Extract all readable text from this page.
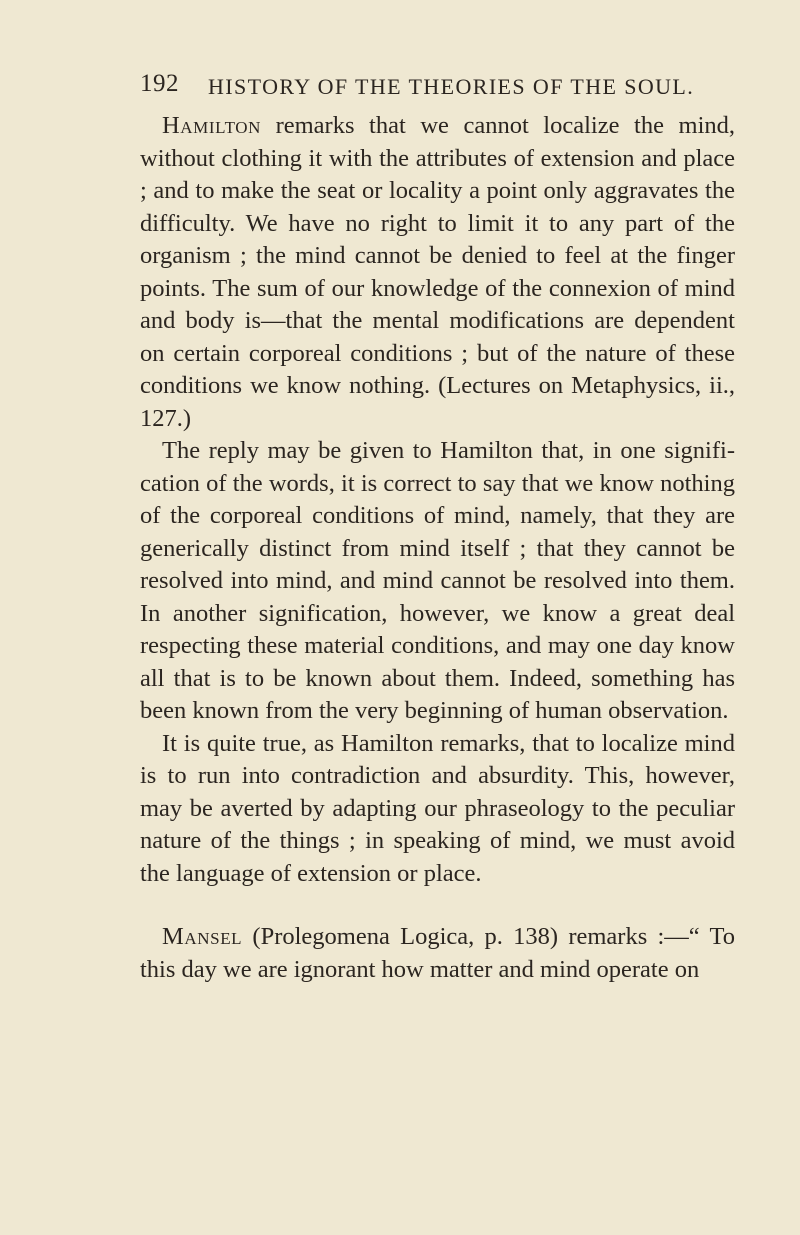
192 HISTORY OF THE THEORIES OF THE SOUL.

Hamilton remarks that we cannot localize the mind, without clothing it with the attributes of extension and place ; and to make the seat or locality a point only aggravates the difficulty. We have no right to limit it to any part of the organism ; the mind cannot be denied to feel at the finger points. The sum of our knowledge of the connexion of mind and body is—that the mental modifications are dependent on certain corporeal conditions ; but of the nature of these conditions we know nothing. (Lectures on Metaphysics, ii., 127.)

The reply may be given to Hamilton that, in one signification of the words, it is correct to say that we know nothing of the corporeal conditions of mind, namely, that they are generically distinct from mind itself ; that they cannot be resolved into mind, and mind cannot be resolved into them. In another signification, however, we know a great deal respecting these material conditions, and may one day know all that is to be known about them. Indeed, something has been known from the very beginning of human observation.

It is quite true, as Hamilton remarks, that to localize mind is to run into contradiction and absurdity. This, however, may be averted by adapting our phraseology to the peculiar nature of the things ; in speaking of mind, we must avoid the language of extension or place.

Mansel (Prolegomena Logica, p. 138) remarks :—“ To this day we are ignorant how matter and mind operate on
